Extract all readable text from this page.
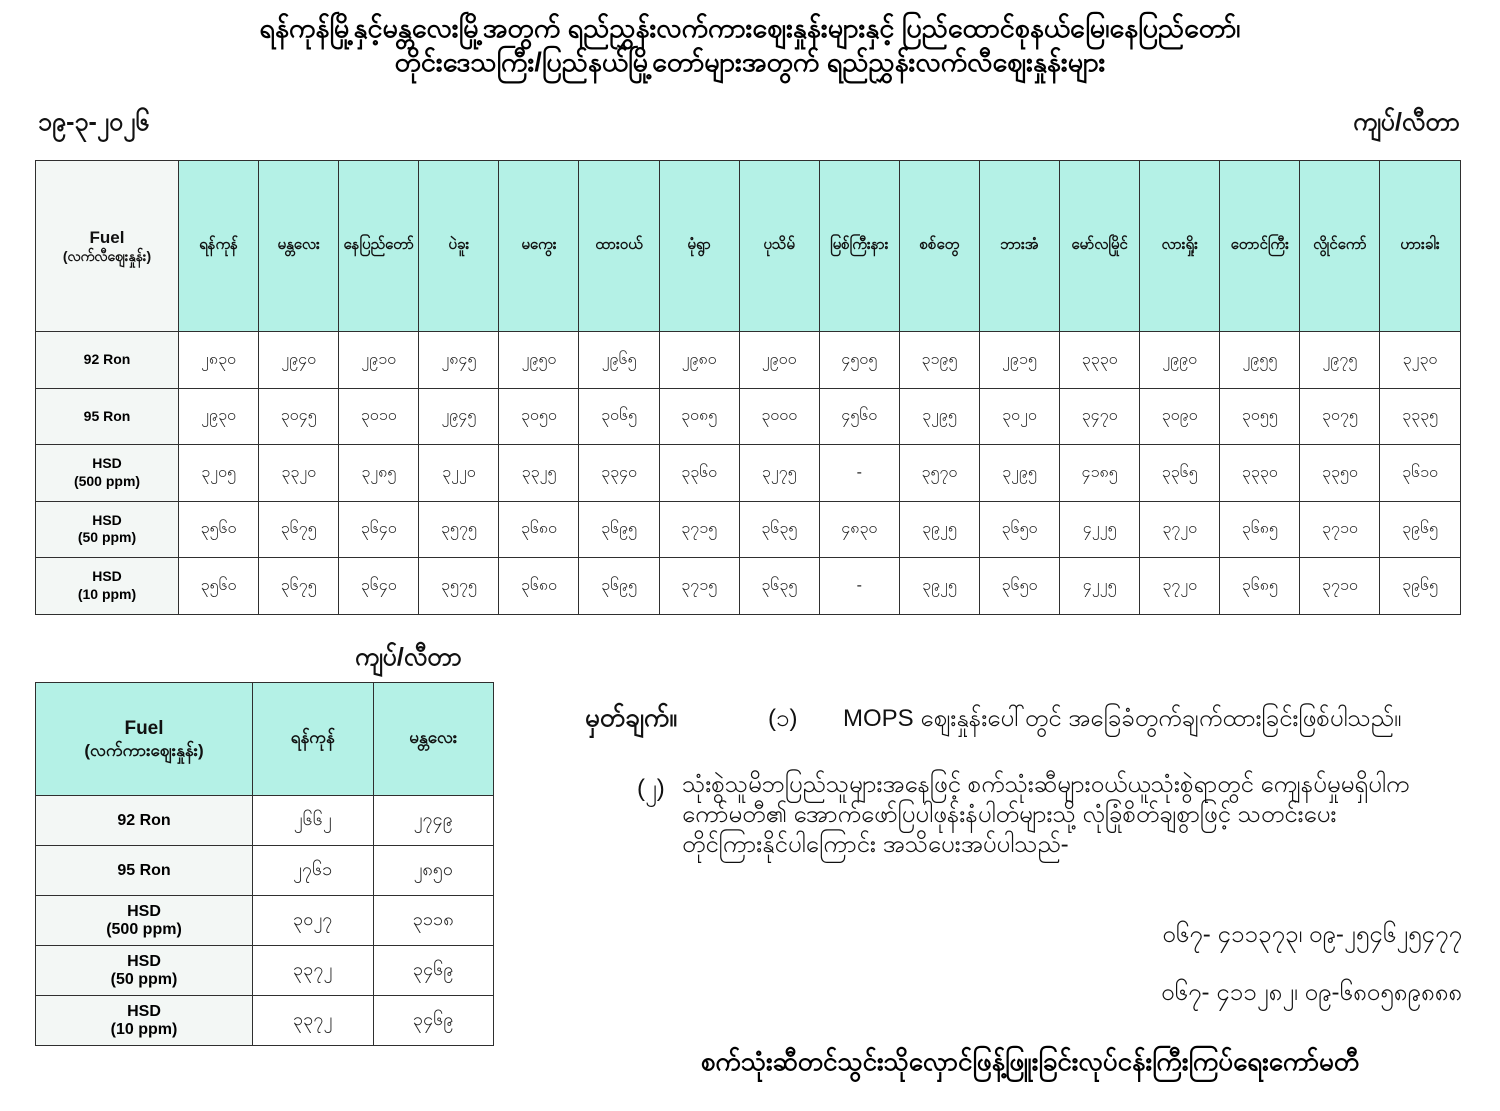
ရန်ကုန်မြို့နှင့်မန္တလေးမြို့အတွက် ရည်ညွှန်းလက်ကားဈေးနှုန်းများနှင့် ပြည်ထောင်စုနယ်မြေ၊နေပြည်တော်၊
တိုင်းဒေသကြီး/ပြည်နယ်မြို့တော်များအတွက် ရည်ညွှန်းလက်လီဈေးနှုန်းများ
၁၉-၃-၂၀၂၆	ကျပ်/လီတာ
Fuel
(လက်လီဈေးနှုန်း)	ရန်ကုန်	မန္တလေး	နေပြည်တော်	ပဲခူး	မကွေး	ထားဝယ်	မုံရွာ	ပုသိမ်	မြစ်ကြီးနား	စစ်တွေ	ဘားအံ	မော်လမြိုင်	လားရှိုး	တောင်ကြီး	လွိုင်ကော်	ဟားခါး

92 Ron	၂၈၃၀	၂၉၄၀	၂၉၁၀	၂၈၄၅	၂၉၅၀	၂၉၆၅	၂၉၈၀	၂၉၀၀	၄၅၀၅	၃၁၉၅	၂၉၁၅	၃၃၃၀	၂၉၉၀	၂၉၅၅	၂၉၇၅	၃၂၃၀

95 Ron	၂၉၃၀	၃၀၄၅	၃၀၁၀	၂၉၄၅	၃၀၅၀	၃၀၆၅	၃၀၈၅	၃၀၀၀	၄၅၆၀	၃၂၉၅	၃၀၂၀	၃၄၇၀	၃၀၉၀	၃၀၅၅	၃၀၇၅	၃၃၃၅

HSD
(500 ppm)	၃၂၀၅	၃၃၂၀	၃၂၈၅	၃၂၂၀	၃၃၂၅	၃၃၄၀	၃၃၆၀	၃၂၇၅	-	၃၅၇၀	၃၂၉၅	၄၁၈၅	၃၃၆၅	၃၃၃၀	၃၃၅၀	၃၆၁၀

HSD
(50 ppm)	၃၅၆၀	၃၆၇၅	၃၆၄၀	၃၅၇၅	၃၆၈၀	၃၆၉၅	၃၇၁၅	၃၆၃၅	၄၈၃၀	၃၉၂၅	၃၆၅၀	၄၂၂၅	၃၇၂၀	၃၆၈၅	၃၇၁၀	၃၉၆၅

HSD
(10 ppm)	၃၅၆၀	၃၆၇၅	၃၆၄၀	၃၅၇၅	၃၆၈၀	၃၆၉၅	၃၇၁၅	၃၆၃၅	-	၃၉၂၅	၃၆၅၀	၄၂၂၅	၃၇၂၀	၃၆၈၅	၃၇၁၀	၃၉၆၅
ကျပ်/လီတာ
Fuel
(လက်ကားဈေးနှုန်း)	ရန်ကုန်	မန္တလေး

92 Ron	၂၆၆၂	၂၇၄၉

95 Ron	၂၇၆၁	၂၈၅၀

HSD
(500 ppm)	၃၀၂၇	၃၁၁၈

HSD
(50 ppm)	၃၃၇၂	၃၄၆၉

HSD
(10 ppm)	၃၃၇၂	၃၄၆၉
မှတ်ချက်။	(၁) MOPS ဈေးနှုန်းပေါ်တွင် အခြေခံတွက်ချက်ထားခြင်းဖြစ်ပါသည်။
(၂) သုံးစွဲသူမိဘပြည်သူများအနေဖြင့် စက်သုံးဆီများဝယ်ယူသုံးစွဲရာတွင် ကျေနပ်မှုမရှိပါက
ကော်မတီ၏ အောက်ဖော်ပြပါဖုန်းနံပါတ်များသို့ လုံခြုံစိတ်ချစွာဖြင့် သတင်းပေး
တိုင်ကြားနိုင်ပါကြောင်း အသိပေးအပ်ပါသည်-
၀၆၇- ၄၁၁၃၇၃၊ ၀၉-၂၅၄၆၂၅၄၇၇
၀၆၇- ၄၁၁၂၈၂၊ ၀၉-၆၈၀၅၈၉၈၈၈
စက်သုံးဆီတင်သွင်းသိုလှောင်ဖြန့်ဖြူးခြင်းလုပ်ငန်းကြီးကြပ်ရေးကော်မတီ
